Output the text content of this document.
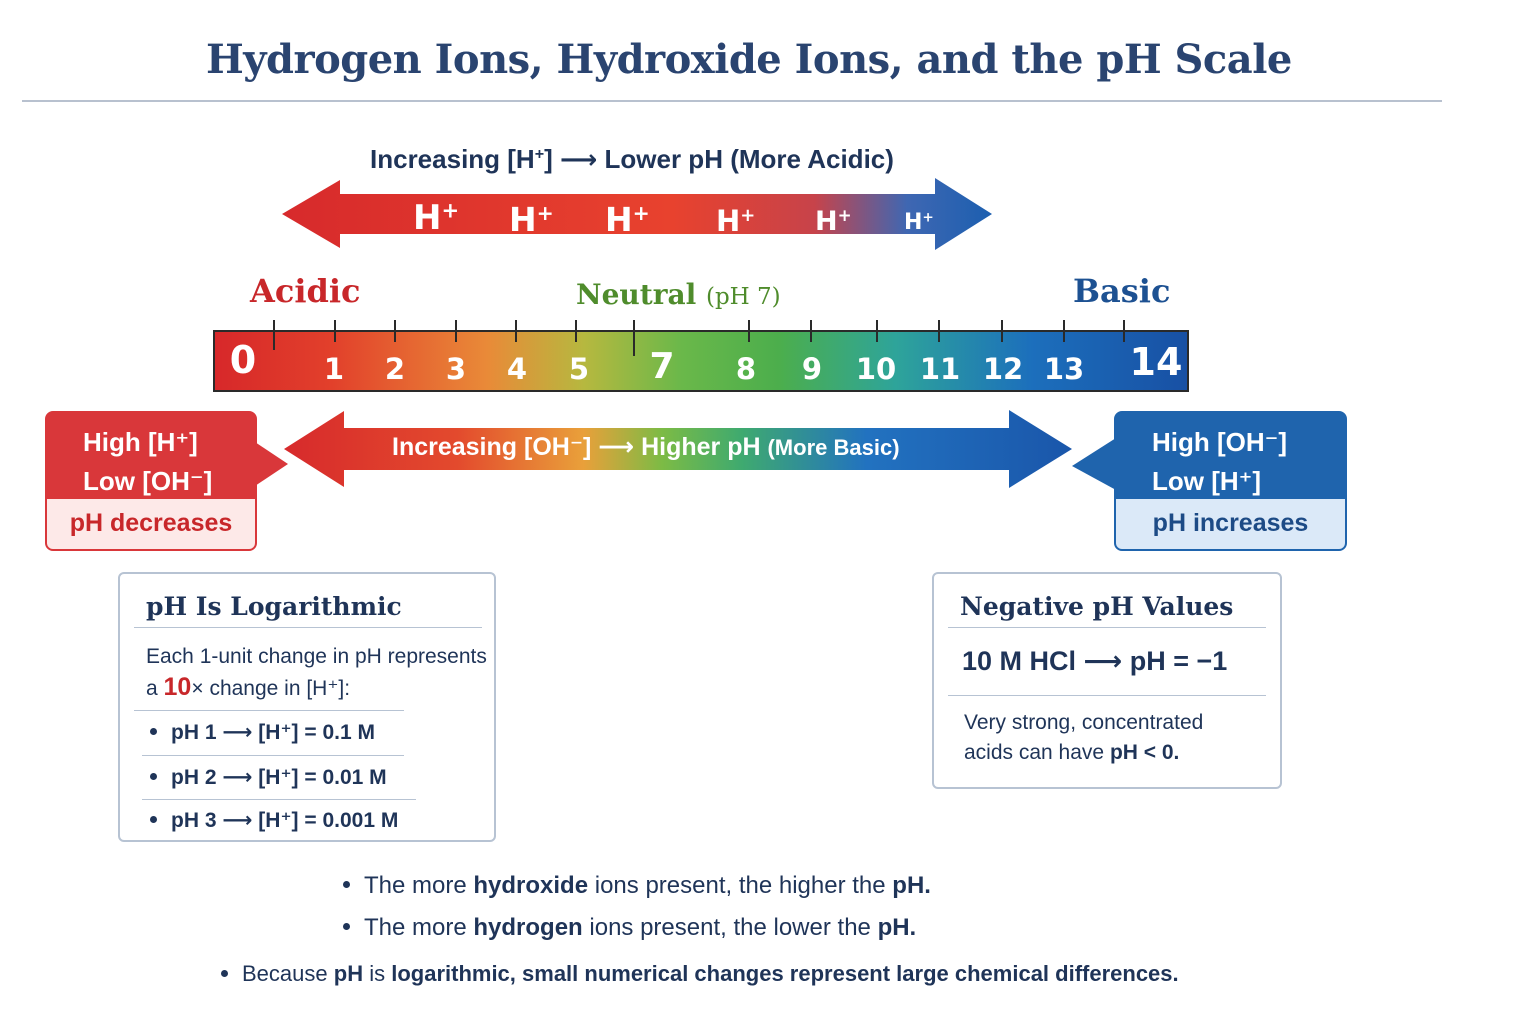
Hydrogen Ions, Hydroxide Ions, and the pH Scale
Increasing [H+] ⟶ Lower pH (More Acidic)
H+ H+ H+ H+ H+ H+
Acidic	Neutral (pH 7)	Basic
0 1 2 3 4 5 7 8 9 10 11 12 13 14
Increasing [OH⁻] ⟶ Higher pH (More Basic)
High [H⁺]
Low [OH⁻]
pH decreases
High [OH⁻]
Low [H⁺]
pH increases
pH Is Logarithmic
Each 1-unit change in pH represents
a 10× change in [H⁺]:
pH 1 ⟶ [H⁺] = 0.1 M
pH 2 ⟶ [H⁺] = 0.01 M
pH 3 ⟶ [H⁺] = 0.001 M
Negative pH Values
10 M HCl ⟶ pH = −1
Very strong, concentrated
acids can have pH < 0.
The more hydroxide ions present, the higher the pH.
The more hydrogen ions present, the lower the pH.
Because pH is logarithmic, small numerical changes represent large chemical differences.
